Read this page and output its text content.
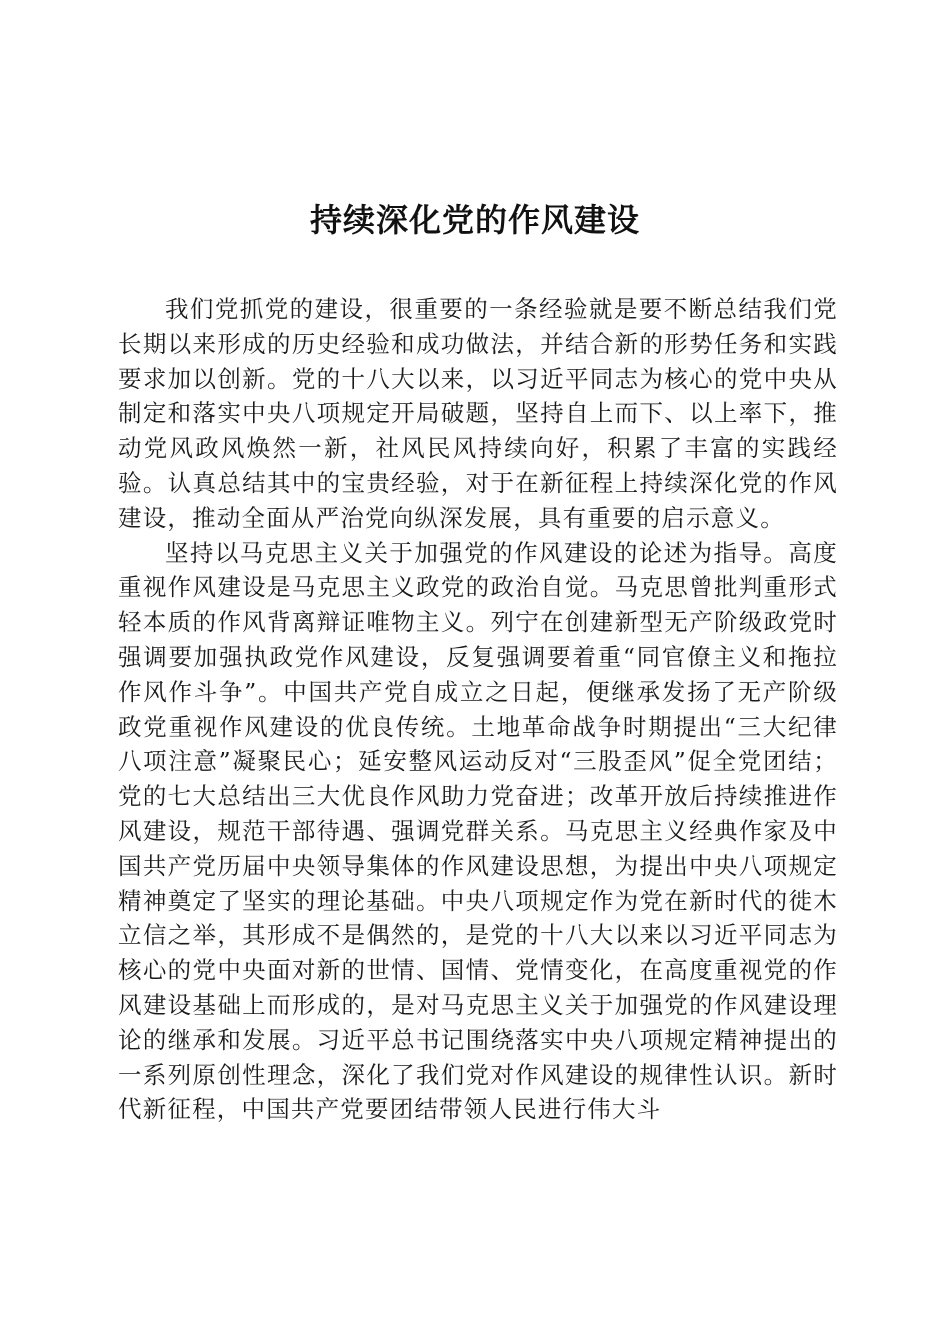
持续深化党的作风建设

我们党抓党的建设，很重要的一条经验就是要不断总结我们党长期以来形成的历史经验和成功做法，并结合新的形势任务和实践要求加以创新。党的十八大以来，以习近平同志为核心的党中央从制定和落实中央八项规定开局破题，坚持自上而下、以上率下，推动党风政风焕然一新，社风民风持续向好，积累了丰富的实践经验。认真总结其中的宝贵经验，对于在新征程上持续深化党的作风建设，推动全面从严治党向纵深发展，具有重要的启示意义。

坚持以马克思主义关于加强党的作风建设的论述为指导。高度重视作风建设是马克思主义政党的政治自觉。马克思曾批判重形式轻本质的作风背离辩证唯物主义。列宁在创建新型无产阶级政党时强调要加强执政党作风建设，反复强调要着重“同官僚主义和拖拉作风作斗争”。中国共产党自成立之日起，便继承发扬了无产阶级政党重视作风建设的优良传统。土地革命战争时期提出“三大纪律八项注意”凝聚民心；延安整风运动反对“三股歪风”促全党团结；党的七大总结出三大优良作风助力党奋进；改革开放后持续推进作风建设，规范干部待遇、强调党群关系。马克思主义经典作家及中国共产党历届中央领导集体的作风建设思想，为提出中央八项规定精神奠定了坚实的理论基础。中央八项规定作为党在新时代的徙木立信之举，其形成不是偶然的，是党的十八大以来以习近平同志为核心的党中央面对新的世情、国情、党情变化，在高度重视党的作风建设基础上而形成的，是对马克思主义关于加强党的作风建设理论的继承和发展。习近平总书记围绕落实中央八项规定精神提出的一系列原创性理念，深化了我们党对作风建设的规律性认识。新时代新征程，中国共产党要团结带领人民进行伟大斗
